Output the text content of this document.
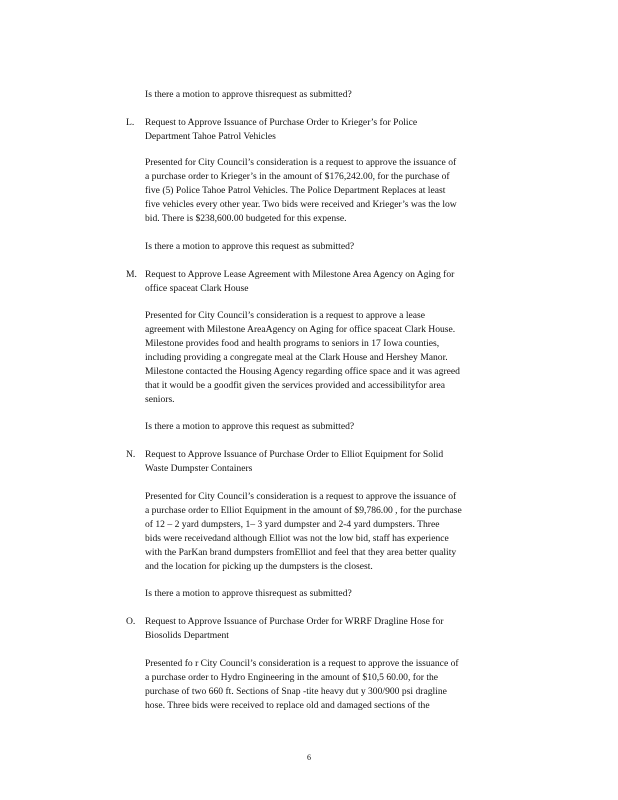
Is there a motion to approve thisrequest as submitted?
L. Request to Approve Issuance of Purchase Order to Krieger’s for Police
Department Tahoe Patrol Vehicles
Presented for City Council’s consideration is a request to approve the issuance of
a purchase order to Krieger’s in the amount of $176,242.00, for the purchase of
five (5) Police Tahoe Patrol Vehicles. The Police Department Replaces at least
five vehicles every other year. Two bids were received and Krieger’s was the low
bid. There is $238,600.00 budgeted for this expense.
Is there a motion to approve this request as submitted?
M. Request to Approve Lease Agreement with Milestone Area Agency on Aging for
office spaceat Clark House
Presented for City Council’s consideration is a request to approve a lease
agreement with Milestone AreaAgency on Aging for office spaceat Clark House.
Milestone provides food and health programs to seniors in 17 Iowa counties,
including providing a congregate meal at the Clark House and Hershey Manor.
Milestone contacted the Housing Agency regarding office space and it was agreed
that it would be a goodfit given the services provided and accessibilityfor area
seniors.
Is there a motion to approve this request as submitted?
N. Request to Approve Issuance of Purchase Order to Elliot Equipment for Solid
Waste Dumpster Containers
Presented for City Council’s consideration is a request to approve the issuance of
a purchase order to Elliot Equipment in the amount of $9,786.00 , for the purchase
of 12 – 2 yard dumpsters, 1– 3 yard dumpster and 2-4 yard dumpsters. Three
bids were receivedand although Elliot was not the low bid, staff has experience
with the ParKan brand dumpsters fromElliot and feel that they area better quality
and the location for picking up the dumpsters is the closest.
Is there a motion to approve thisrequest as submitted?
O. Request to Approve Issuance of Purchase Order for WRRF Dragline Hose for
Biosolids Department
Presented fo r City Council’s consideration is a request to approve the issuance of
a purchase order to Hydro Engineering in the amount of $10,5 60.00, for the
purchase of two 660 ft. Sections of Snap -tite heavy dut y 300/900 psi dragline
hose. Three bids were received to replace old and damaged sections of the
6
